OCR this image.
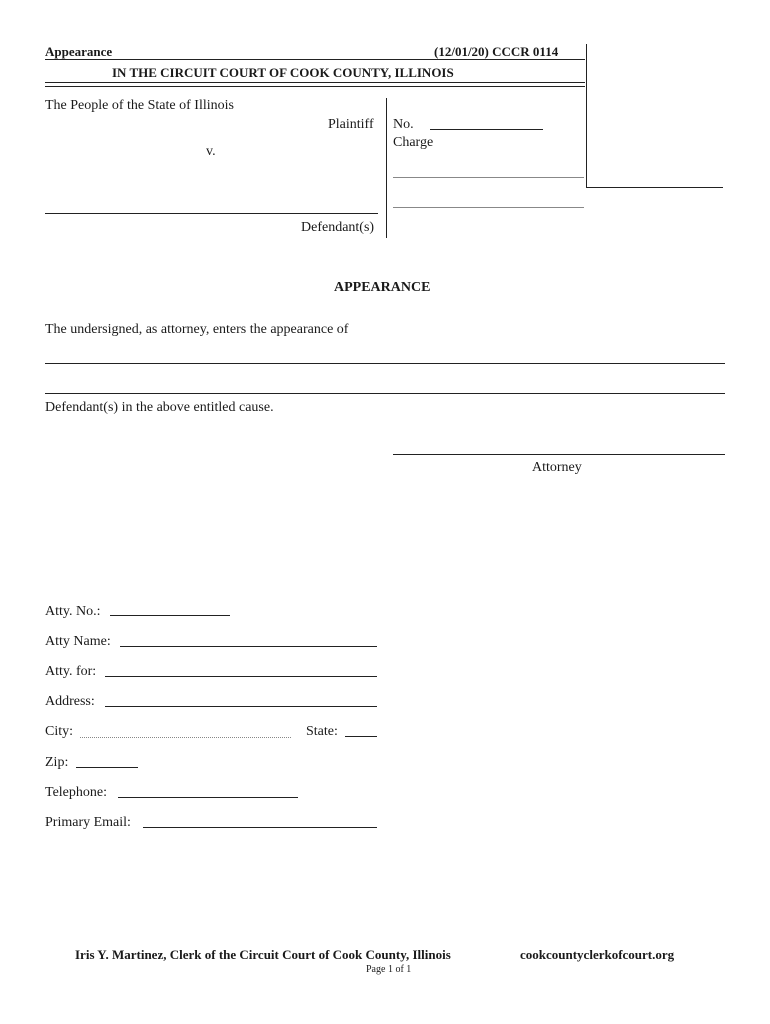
Appearance	(12/01/20) CCCR 0114
IN THE CIRCUIT COURT OF COOK COUNTY, ILLINOIS
The People of the State of Illinois
Plaintiff
v.
Defendant(s)
No.
Charge
APPEARANCE
The undersigned, as attorney, enters the appearance of
Defendant(s) in the above entitled cause.
Attorney
Atty. No.:
Atty Name:
Atty. for:
Address:
City:	State:
Zip:
Telephone:
Primary Email:
Iris Y. Martinez, Clerk of the Circuit Court of Cook County, Illinois	cookcountyclerkofcourt.org
Page 1 of 1
